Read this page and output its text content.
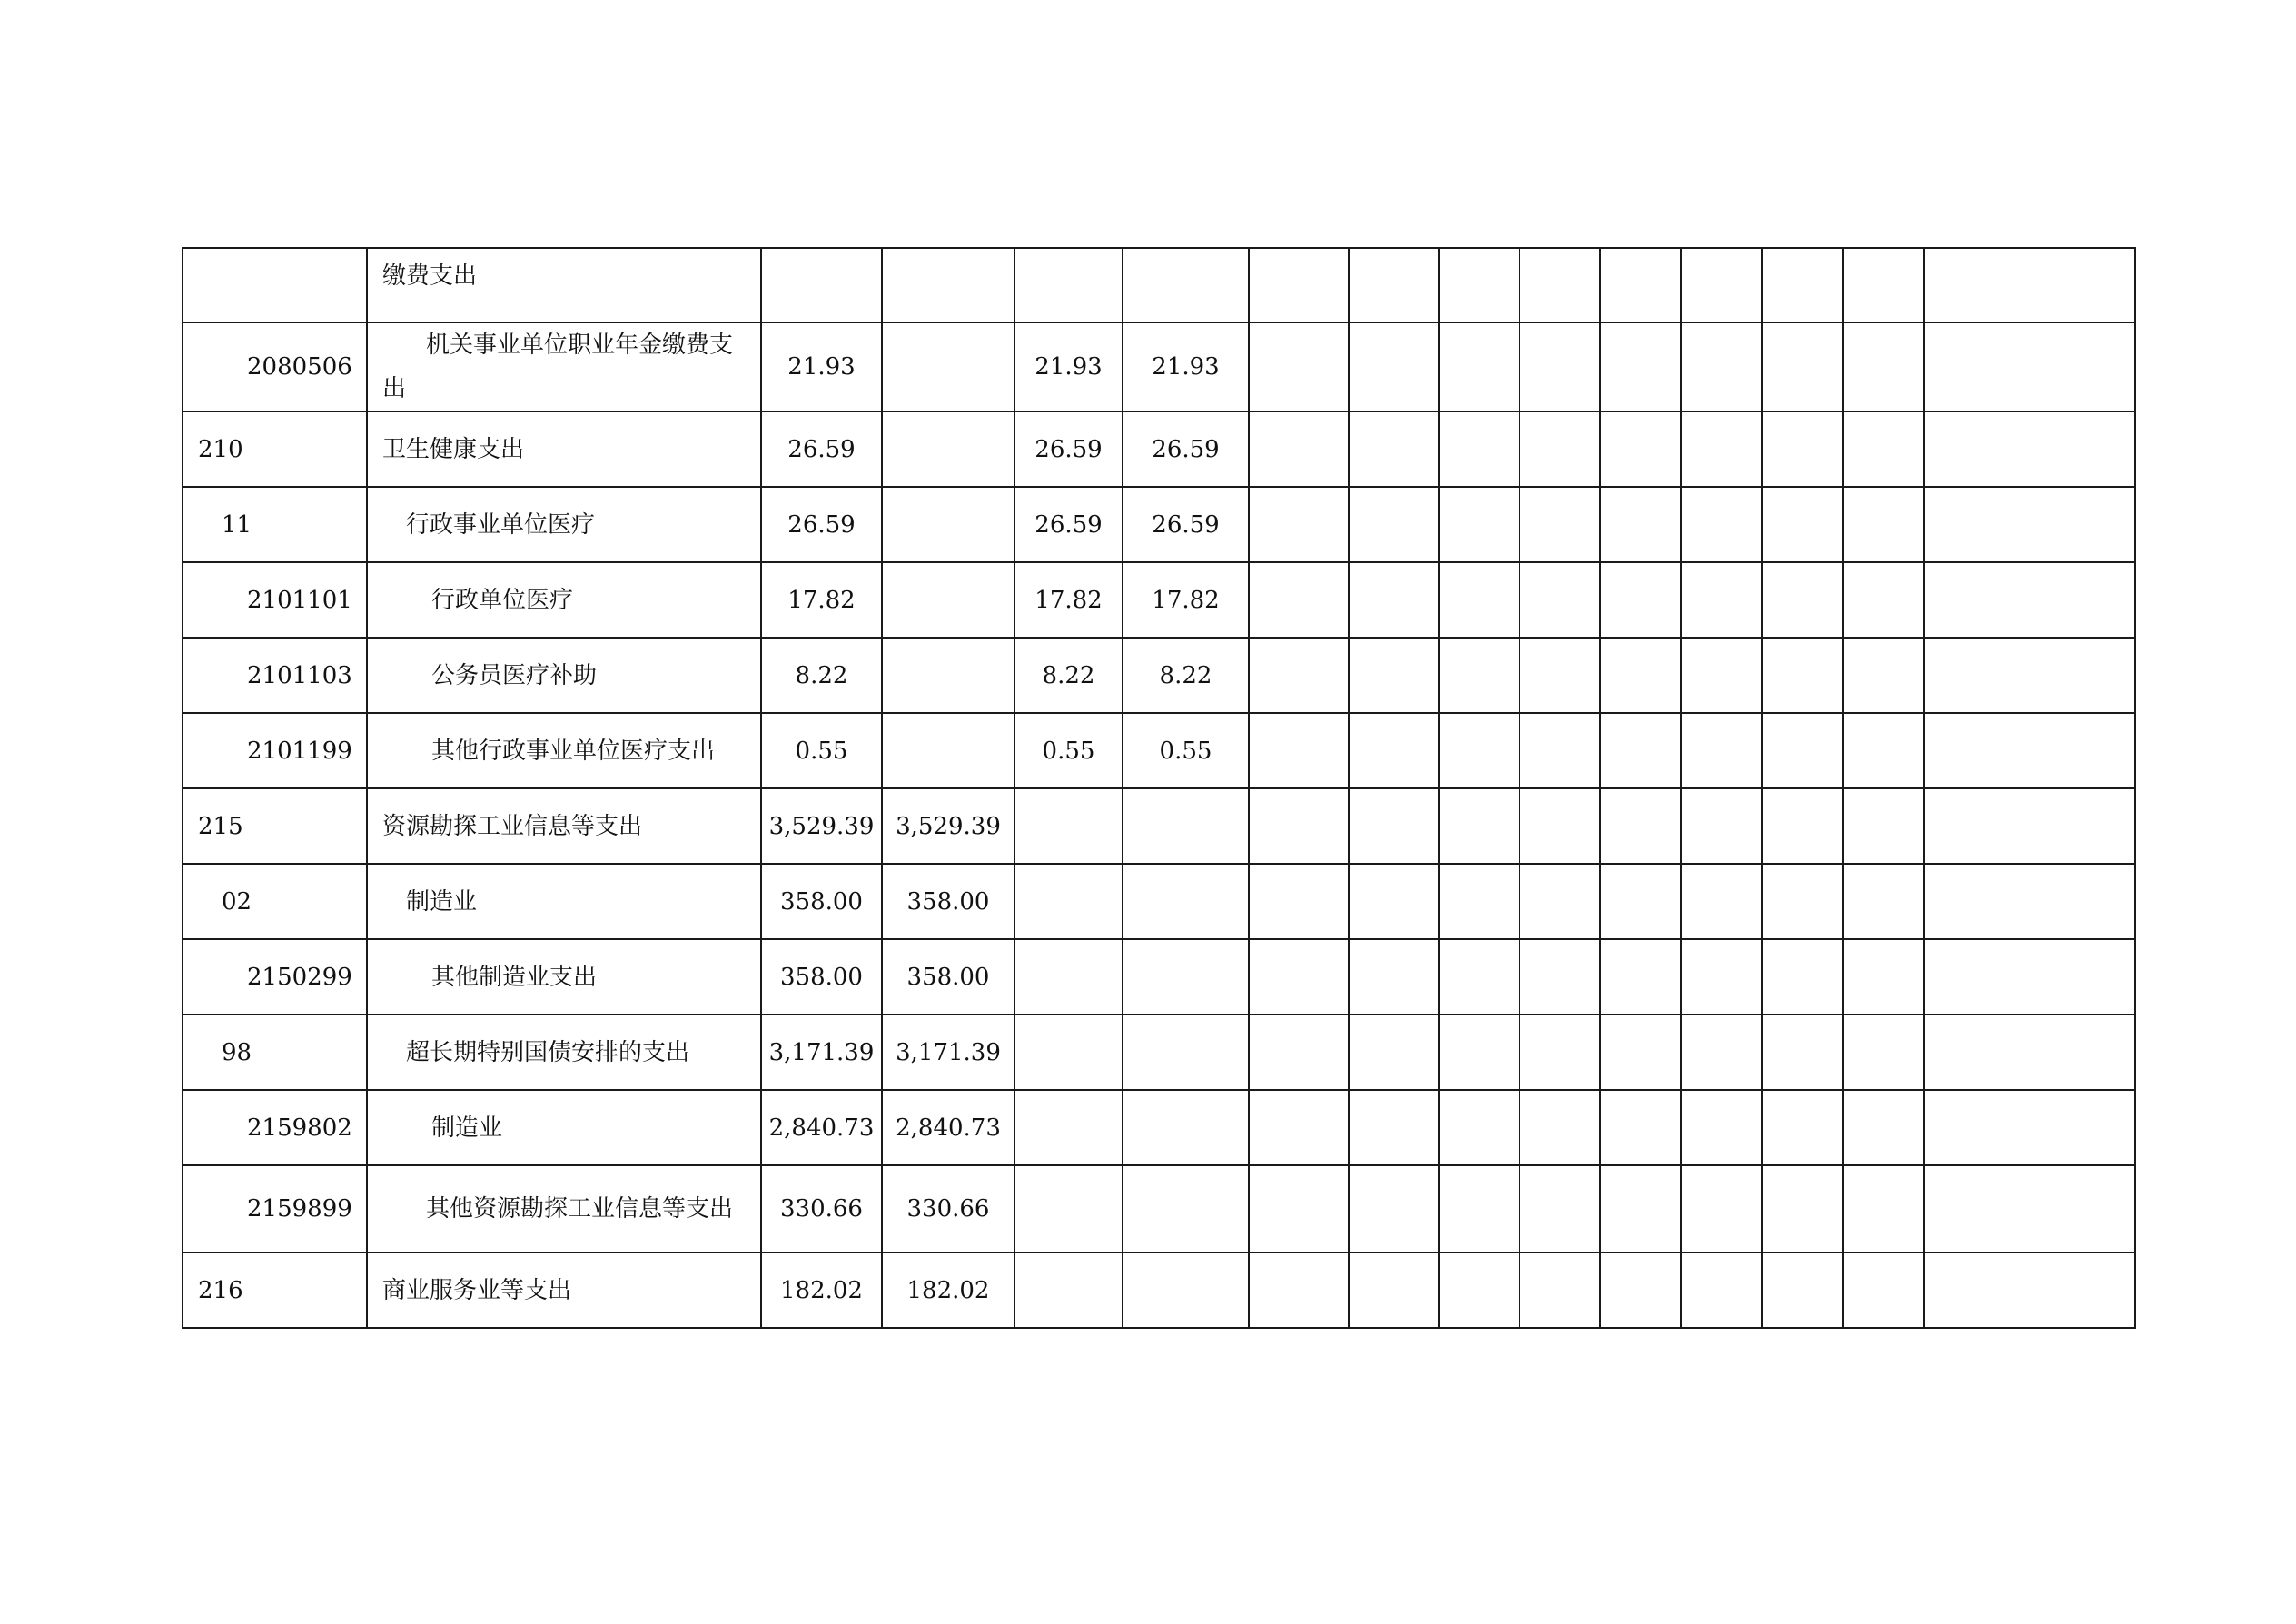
	缴费支出													
2080506	机关事业单位职业年金缴费支出	21.93		21.93	21.93									
210	卫生健康支出	26.59		26.59	26.59									
11	行政事业单位医疗	26.59		26.59	26.59									
2101101	行政单位医疗	17.82		17.82	17.82									
2101103	公务员医疗补助	8.22		8.22	8.22									
2101199	其他行政事业单位医疗支出	0.55		0.55	0.55									
215	资源勘探工业信息等支出	3,529.39	3,529.39											
02	制造业	358.00	358.00											
2150299	其他制造业支出	358.00	358.00											
98	超长期特别国债安排的支出	3,171.39	3,171.39											
2159802	制造业	2,840.73	2,840.73											
2159899	其他资源勘探工业信息等支出	330.66	330.66											
216	商业服务业等支出	182.02	182.02											
